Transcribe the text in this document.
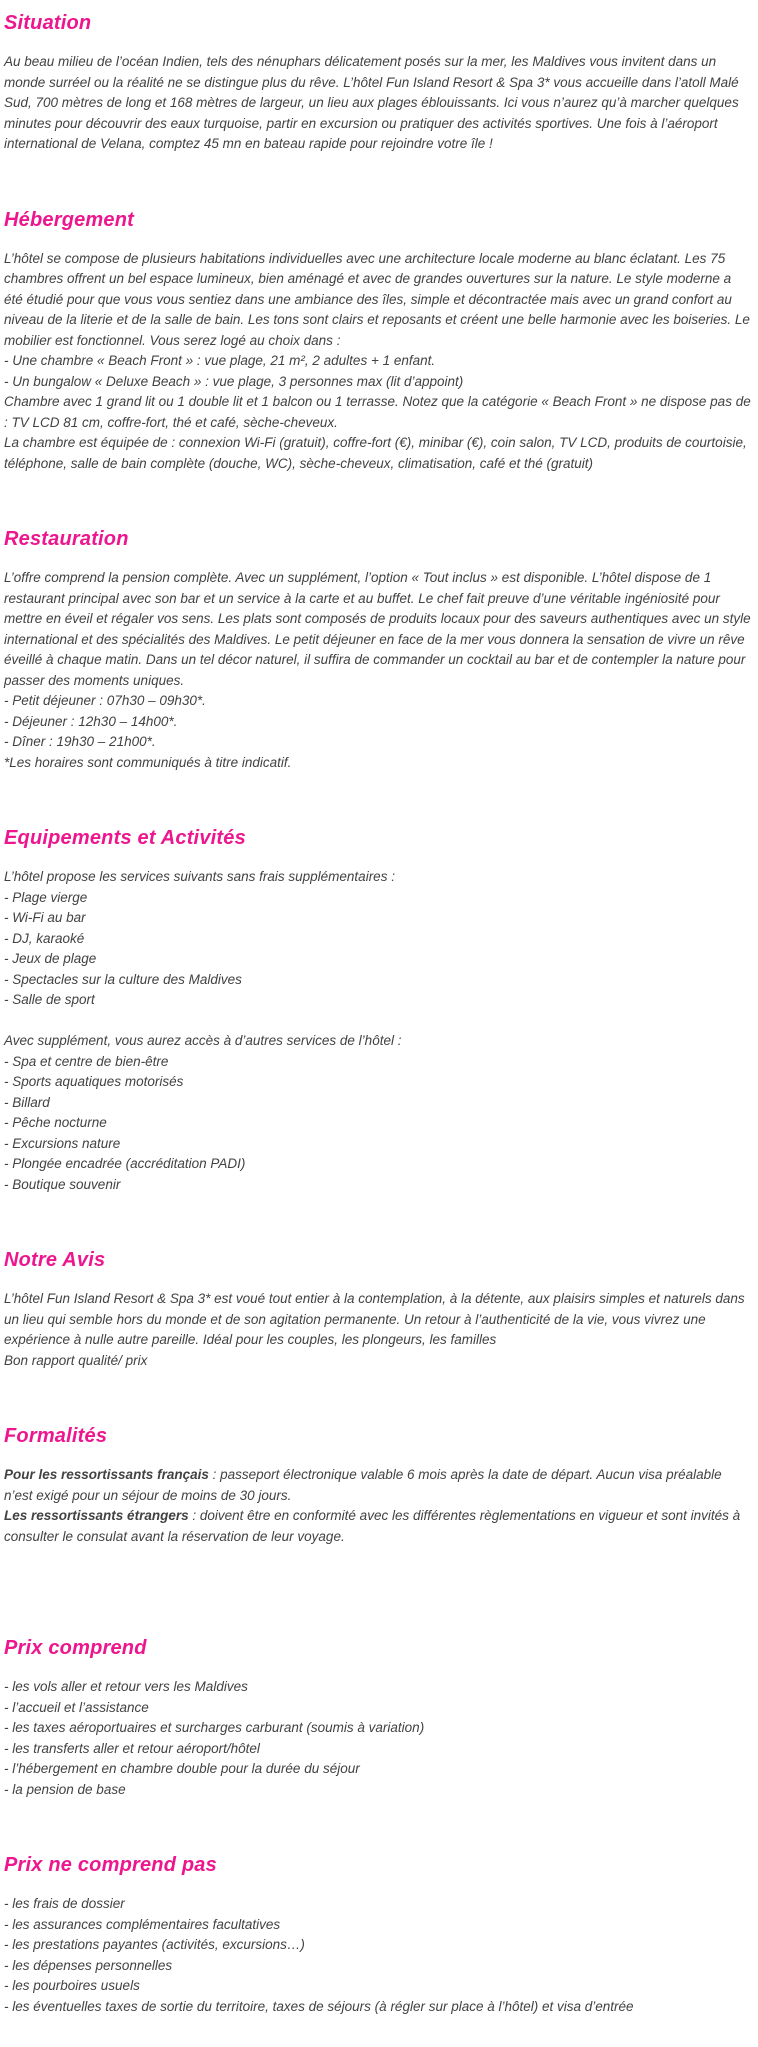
Situation

Au beau milieu de l’océan Indien, tels des nénuphars délicatement posés sur la mer, les Maldives vous invitent dans un monde surréel ou la réalité ne se distingue plus du rêve. L’hôtel Fun Island Resort & Spa 3* vous accueille dans l’atoll Malé Sud, 700 mètres de long et 168 mètres de largeur, un lieu aux plages éblouissants. Ici vous n’aurez qu’à marcher quelques minutes pour découvrir des eaux turquoise, partir en excursion ou pratiquer des activités sportives. Une fois à l’aéroport international de Velana, comptez 45 mn en bateau rapide pour rejoindre votre île !

Hébergement

L’hôtel se compose de plusieurs habitations individuelles avec une architecture locale moderne au blanc éclatant. Les 75 chambres offrent un bel espace lumineux, bien aménagé et avec de grandes ouvertures sur la nature. Le style moderne a été étudié pour que vous vous sentiez dans une ambiance des îles, simple et décontractée mais avec un grand confort au niveau de la literie et de la salle de bain. Les tons sont clairs et reposants et créent une belle harmonie avec les boiseries. Le mobilier est fonctionnel. Vous serez logé au choix dans :

- Une chambre « Beach Front » : vue plage, 21 m², 2 adultes + 1 enfant.

- Un bungalow « Deluxe Beach » : vue plage, 3 personnes max (lit d’appoint)

Chambre avec 1 grand lit ou 1 double lit et 1 balcon ou 1 terrasse. Notez que la catégorie « Beach Front » ne dispose pas de : TV LCD 81 cm, coffre-fort, thé et café, sèche-cheveux.

La chambre est équipée de : connexion Wi-Fi (gratuit), coffre-fort (€), minibar (€), coin salon, TV LCD, produits de courtoisie, téléphone, salle de bain complète (douche, WC), sèche-cheveux, climatisation, café et thé (gratuit)

Restauration

L’offre comprend la pension complète. Avec un supplément, l’option « Tout inclus » est disponible. L’hôtel dispose de 1 restaurant principal avec son bar et un service à la carte et au buffet. Le chef fait preuve d’une véritable ingéniosité pour mettre en éveil et régaler vos sens. Les plats sont composés de produits locaux pour des saveurs authentiques avec un style international et des spécialités des Maldives. Le petit déjeuner en face de la mer vous donnera la sensation de vivre un rêve éveillé à chaque matin. Dans un tel décor naturel, il suffira de commander un cocktail au bar et de contempler la nature pour passer des moments uniques.

- Petit déjeuner : 07h30 – 09h30*.

- Déjeuner : 12h30 – 14h00*.

- Dîner : 19h30 – 21h00*.

*Les horaires sont communiqués à titre indicatif.

Equipements et Activités

L’hôtel propose les services suivants sans frais supplémentaires :

- Plage vierge

- Wi-Fi au bar

- DJ, karaoké

- Jeux de plage

- Spectacles sur la culture des Maldives

- Salle de sport

Avec supplément, vous aurez accès à d’autres services de l’hôtel :

- Spa et centre de bien-être

- Sports aquatiques motorisés

- Billard

- Pêche nocturne

- Excursions nature

- Plongée encadrée (accréditation PADI)

- Boutique souvenir

Notre Avis

L’hôtel Fun Island Resort & Spa 3* est voué tout entier à la contemplation, à la détente, aux plaisirs simples et naturels dans un lieu qui semble hors du monde et de son agitation permanente. Un retour à l’authenticité de la vie, vous vivrez une expérience à nulle autre pareille. Idéal pour les couples, les plongeurs, les familles

Bon rapport qualité/ prix

Formalités

Pour les ressortissants français : passeport électronique valable 6 mois après la date de départ. Aucun visa préalable n’est exigé pour un séjour de moins de 30 jours.

Les ressortissants étrangers : doivent être en conformité avec les différentes règlementations en vigueur et sont invités à consulter le consulat avant la réservation de leur voyage.

Prix comprend

- les vols aller et retour vers les Maldives

- l’accueil et l’assistance

- les taxes aéroportuaires et surcharges carburant (soumis à variation)

- les transferts aller et retour aéroport/hôtel

- l’hébergement en chambre double pour la durée du séjour

- la pension de base

Prix ne comprend pas

- les frais de dossier

- les assurances complémentaires facultatives

- les prestations payantes (activités, excursions…)

- les dépenses personnelles

- les pourboires usuels

- les éventuelles taxes de sortie du territoire, taxes de séjours (à régler sur place à l’hôtel) et visa d’entrée
